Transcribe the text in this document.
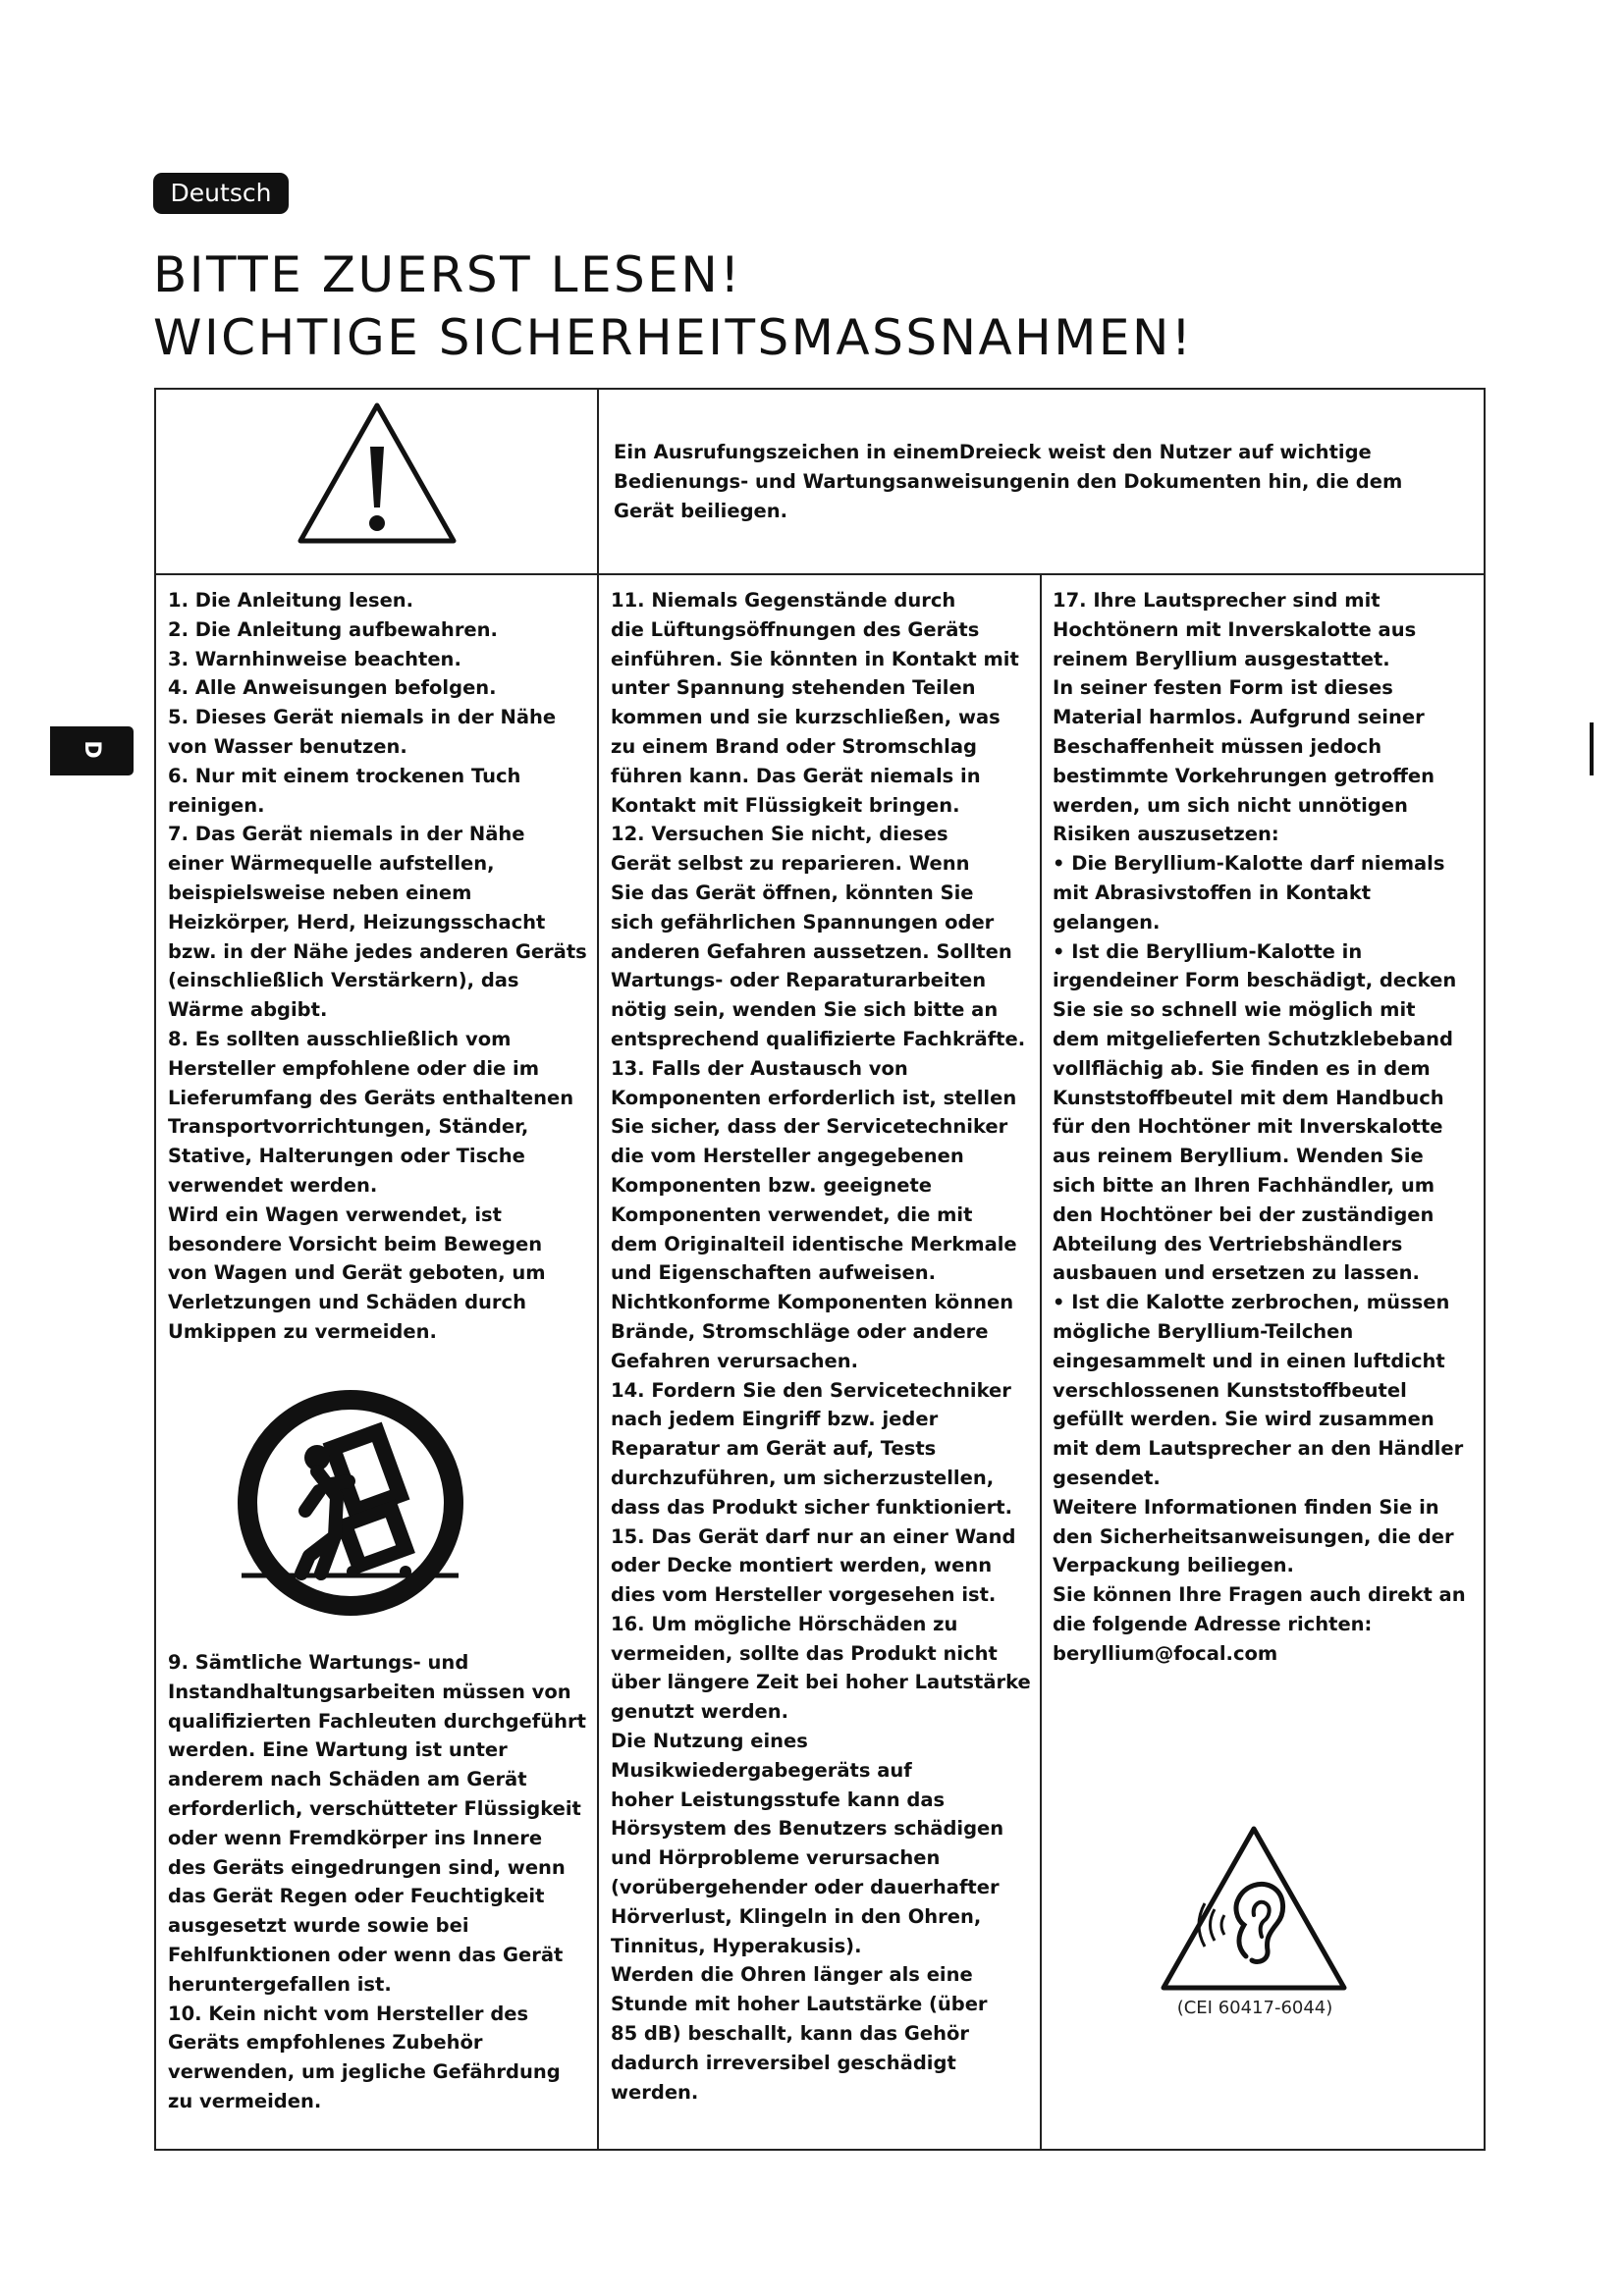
Deutsch
BITTE ZUERST LESEN!
WICHTIGE SICHERHEITSMASSNAHMEN!
D
Ein Ausrufungszeichen in einemDreieck weist den Nutzer auf wichtige
Bedienungs- und Wartungsanweisungenin den Dokumenten hin, die dem
Gerät beiliegen.
1. Die Anleitung lesen.
2. Die Anleitung aufbewahren.
3. Warnhinweise beachten.
4. Alle Anweisungen befolgen.
5. Dieses Gerät niemals in der Nähe
von Wasser benutzen.
6. Nur mit einem trockenen Tuch
reinigen.
7. Das Gerät niemals in der Nähe
einer Wärmequelle aufstellen,
beispielsweise neben einem
Heizkörper, Herd, Heizungsschacht
bzw. in der Nähe jedes anderen Geräts
(einschließlich Verstärkern), das
Wärme abgibt.
8. Es sollten ausschließlich vom
Hersteller empfohlene oder die im
Lieferumfang des Geräts enthaltenen
Transportvorrichtungen, Ständer,
Stative, Halterungen oder Tische
verwendet werden.
Wird ein Wagen verwendet, ist
besondere Vorsicht beim Bewegen
von Wagen und Gerät geboten, um
Verletzungen und Schäden durch
Umkippen zu vermeiden.
9. Sämtliche Wartungs- und
Instandhaltungsarbeiten müssen von
qualifizierten Fachleuten durchgeführt
werden. Eine Wartung ist unter
anderem nach Schäden am Gerät
erforderlich, verschütteter Flüssigkeit
oder wenn Fremdkörper ins Innere
des Geräts eingedrungen sind, wenn
das Gerät Regen oder Feuchtigkeit
ausgesetzt wurde sowie bei
Fehlfunktionen oder wenn das Gerät
heruntergefallen ist.
10. Kein nicht vom Hersteller des
Geräts empfohlenes Zubehör
verwenden, um jegliche Gefährdung
zu vermeiden.
11. Niemals Gegenstände durch
die Lüftungsöffnungen des Geräts
einführen. Sie könnten in Kontakt mit
unter Spannung stehenden Teilen
kommen und sie kurzschließen, was
zu einem Brand oder Stromschlag
führen kann. Das Gerät niemals in
Kontakt mit Flüssigkeit bringen.
12. Versuchen Sie nicht, dieses
Gerät selbst zu reparieren. Wenn
Sie das Gerät öffnen, könnten Sie
sich gefährlichen Spannungen oder
anderen Gefahren aussetzen. Sollten
Wartungs- oder Reparaturarbeiten
nötig sein, wenden Sie sich bitte an
entsprechend qualifizierte Fachkräfte.
13. Falls der Austausch von
Komponenten erforderlich ist, stellen
Sie sicher, dass der Servicetechniker
die vom Hersteller angegebenen
Komponenten bzw. geeignete
Komponenten verwendet, die mit
dem Originalteil identische Merkmale
und Eigenschaften aufweisen.
Nichtkonforme Komponenten können
Brände, Stromschläge oder andere
Gefahren verursachen.
14. Fordern Sie den Servicetechniker
nach jedem Eingriff bzw. jeder
Reparatur am Gerät auf, Tests
durchzuführen, um sicherzustellen,
dass das Produkt sicher funktioniert.
15. Das Gerät darf nur an einer Wand
oder Decke montiert werden, wenn
dies vom Hersteller vorgesehen ist.
16. Um mögliche Hörschäden zu
vermeiden, sollte das Produkt nicht
über längere Zeit bei hoher Lautstärke
genutzt werden.
Die Nutzung eines
Musikwiedergabegeräts auf
hoher Leistungsstufe kann das
Hörsystem des Benutzers schädigen
und Hörprobleme verursachen
(vorübergehender oder dauerhafter
Hörverlust, Klingeln in den Ohren,
Tinnitus, Hyperakusis).
Werden die Ohren länger als eine
Stunde mit hoher Lautstärke (über
85 dB) beschallt, kann das Gehör
dadurch irreversibel geschädigt
werden.
17. Ihre Lautsprecher sind mit
Hochtönern mit Inverskalotte aus
reinem Beryllium ausgestattet.
In seiner festen Form ist dieses
Material harmlos. Aufgrund seiner
Beschaffenheit müssen jedoch
bestimmte Vorkehrungen getroffen
werden, um sich nicht unnötigen
Risiken auszusetzen:
• Die Beryllium-Kalotte darf niemals
mit Abrasivstoffen in Kontakt
gelangen.
• Ist die Beryllium-Kalotte in
irgendeiner Form beschädigt, decken
Sie sie so schnell wie möglich mit
dem mitgelieferten Schutzklebeband
vollflächig ab. Sie finden es in dem
Kunststoffbeutel mit dem Handbuch
für den Hochtöner mit Inverskalotte
aus reinem Beryllium. Wenden Sie
sich bitte an Ihren Fachhändler, um
den Hochtöner bei der zuständigen
Abteilung des Vertriebshändlers
ausbauen und ersetzen zu lassen.
• Ist die Kalotte zerbrochen, müssen
mögliche Beryllium-Teilchen
eingesammelt und in einen luftdicht
verschlossenen Kunststoffbeutel
gefüllt werden. Sie wird zusammen
mit dem Lautsprecher an den Händler
gesendet.
Weitere Informationen finden Sie in
den Sicherheitsanweisungen, die der
Verpackung beiliegen.
Sie können Ihre Fragen auch direkt an
die folgende Adresse richten:
beryllium@focal.com
(CEI 60417-6044)
